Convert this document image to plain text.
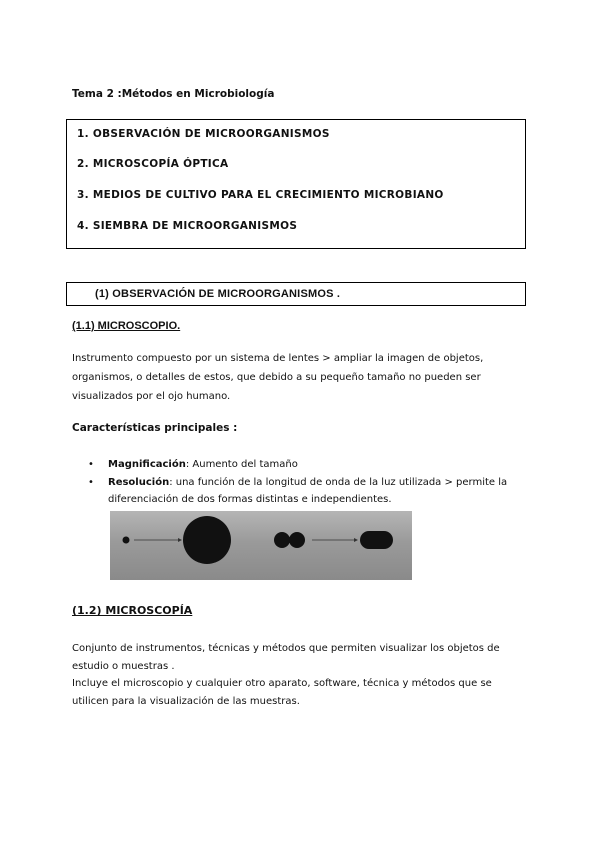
Tema 2 :Métodos en Microbiología
1. OBSERVACIÓN DE MICROORGANISMOS
2. MICROSCOPÍA ÓPTICA
3. MEDIOS DE CULTIVO PARA EL CRECIMIENTO MICROBIANO
4. SIEMBRA DE MICROORGANISMOS
(1) OBSERVACIÓN DE MICROORGANISMOS .
(1.1) MICROSCOPIO.
Instrumento compuesto por un sistema de lentes > ampliar la imagen de objetos, organismos, o detalles de estos, que debido a su pequeño tamaño no pueden ser visualizados por el ojo humano.
Características principales :
• Magnificación: Aumento del tamaño
• Resolución: una función de la longitud de onda de la luz utilizada > permite la diferenciación de dos formas distintas e independientes.
(1.2) MICROSCOPÍA
Conjunto de instrumentos, técnicas y métodos que permiten visualizar los objetos de estudio o muestras .
Incluye el microscopio y cualquier otro aparato, software, técnica y métodos que se utilicen para la visualización de las muestras.
